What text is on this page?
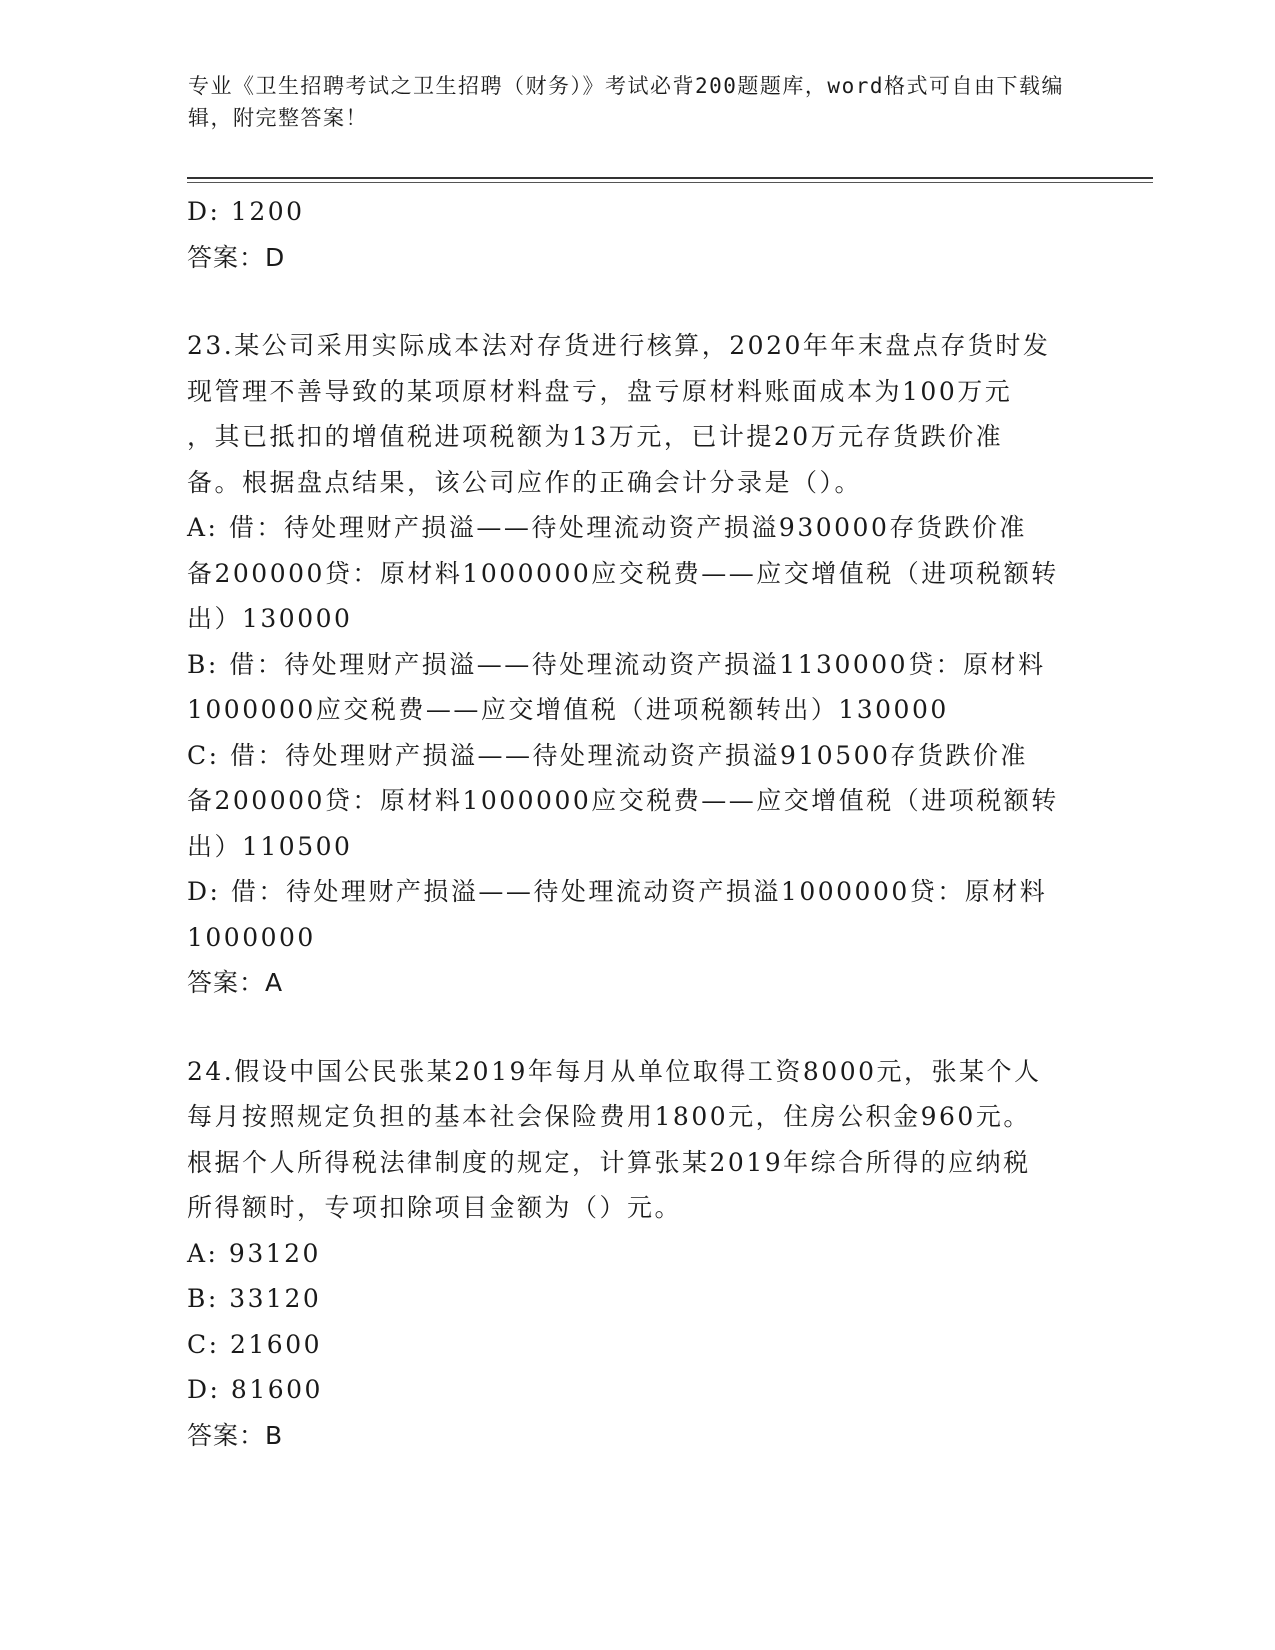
专业《卫生招聘考试之卫生招聘（财务）》考试必背200题题库，word格式可自由下载编辑，附完整答案！
D: 1200
答案：D
23.某公司采用实际成本法对存货进行核算，2020年年末盘点存货时发
现管理不善导致的某项原材料盘亏，盘亏原材料账面成本为100万元
，其已抵扣的增值税进项税额为13万元，已计提20万元存货跌价准
备。根据盘点结果，该公司应作的正确会计分录是（）。
A: 借：待处理财产损溢——待处理流动资产损溢930000存货跌价准
备200000贷：原材料1000000应交税费——应交增值税（进项税额转
出）130000
B: 借：待处理财产损溢——待处理流动资产损溢1130000贷：原材料
1000000应交税费——应交增值税（进项税额转出）130000
C: 借：待处理财产损溢——待处理流动资产损溢910500存货跌价准
备200000贷：原材料1000000应交税费——应交增值税（进项税额转
出）110500
D: 借：待处理财产损溢——待处理流动资产损溢1000000贷：原材料
1000000
答案：A
24.假设中国公民张某2019年每月从单位取得工资8000元，张某个人
每月按照规定负担的基本社会保险费用1800元，住房公积金960元。
根据个人所得税法律制度的规定，计算张某2019年综合所得的应纳税
所得额时，专项扣除项目金额为（）元。
A: 93120
B: 33120
C: 21600
D: 81600
答案：B
